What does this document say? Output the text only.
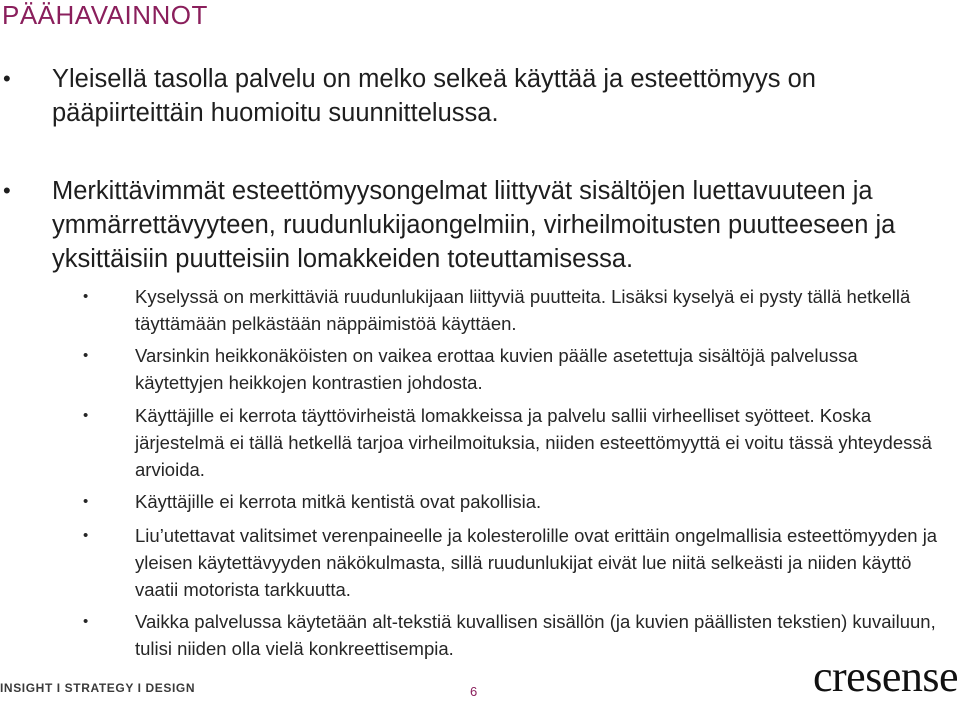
PÄÄHAVAINNOT
• Yleisellä tasolla palvelu on melko selkeä käyttää ja esteettömyys on pääpiirteittäin huomioitu suunnittelussa.
• Merkittävimmät esteettömyysongelmat liittyvät sisältöjen luettavuuteen ja ymmärrettävyyteen, ruudunlukijaongelmiin, virheilmoitusten puutteeseen ja yksittäisiin puutteisiin lomakkeiden toteuttamisessa.
•	Kyselyssä on merkittäviä ruudunlukijaan liittyviä puutteita. Lisäksi kyselyä ei pysty tällä hetkellä täyttämään pelkästään näppäimistöä käyttäen.
•	Varsinkin heikkonäköisten on vaikea erottaa kuvien päälle asetettuja sisältöjä palvelussa käytettyjen heikkojen kontrastien johdosta.
•	Käyttäjille ei kerrota täyttövirheistä lomakkeissa ja palvelu sallii virheelliset syötteet. Koska järjestelmä ei tällä hetkellä tarjoa virheilmoituksia, niiden esteettömyyttä ei voitu tässä yhteydessä arvioida.
•	Käyttäjille ei kerrota mitkä kentistä ovat pakollisia.
•	Liu’utettavat valitsimet verenpaineelle ja kolesterolille ovat erittäin ongelmallisia esteettömyyden ja yleisen käytettävyyden näkökulmasta, sillä ruudunlukijat eivät lue niitä selkeästi ja niiden käyttö vaatii motorista tarkkuutta.
•	Vaikka palvelussa käytetään alt-tekstiä kuvallisen sisällön (ja kuvien päällisten tekstien) kuvailuun, tulisi niiden olla vielä konkreettisempia.
INSIGHT I STRATEGY I DESIGN	6	cresense
